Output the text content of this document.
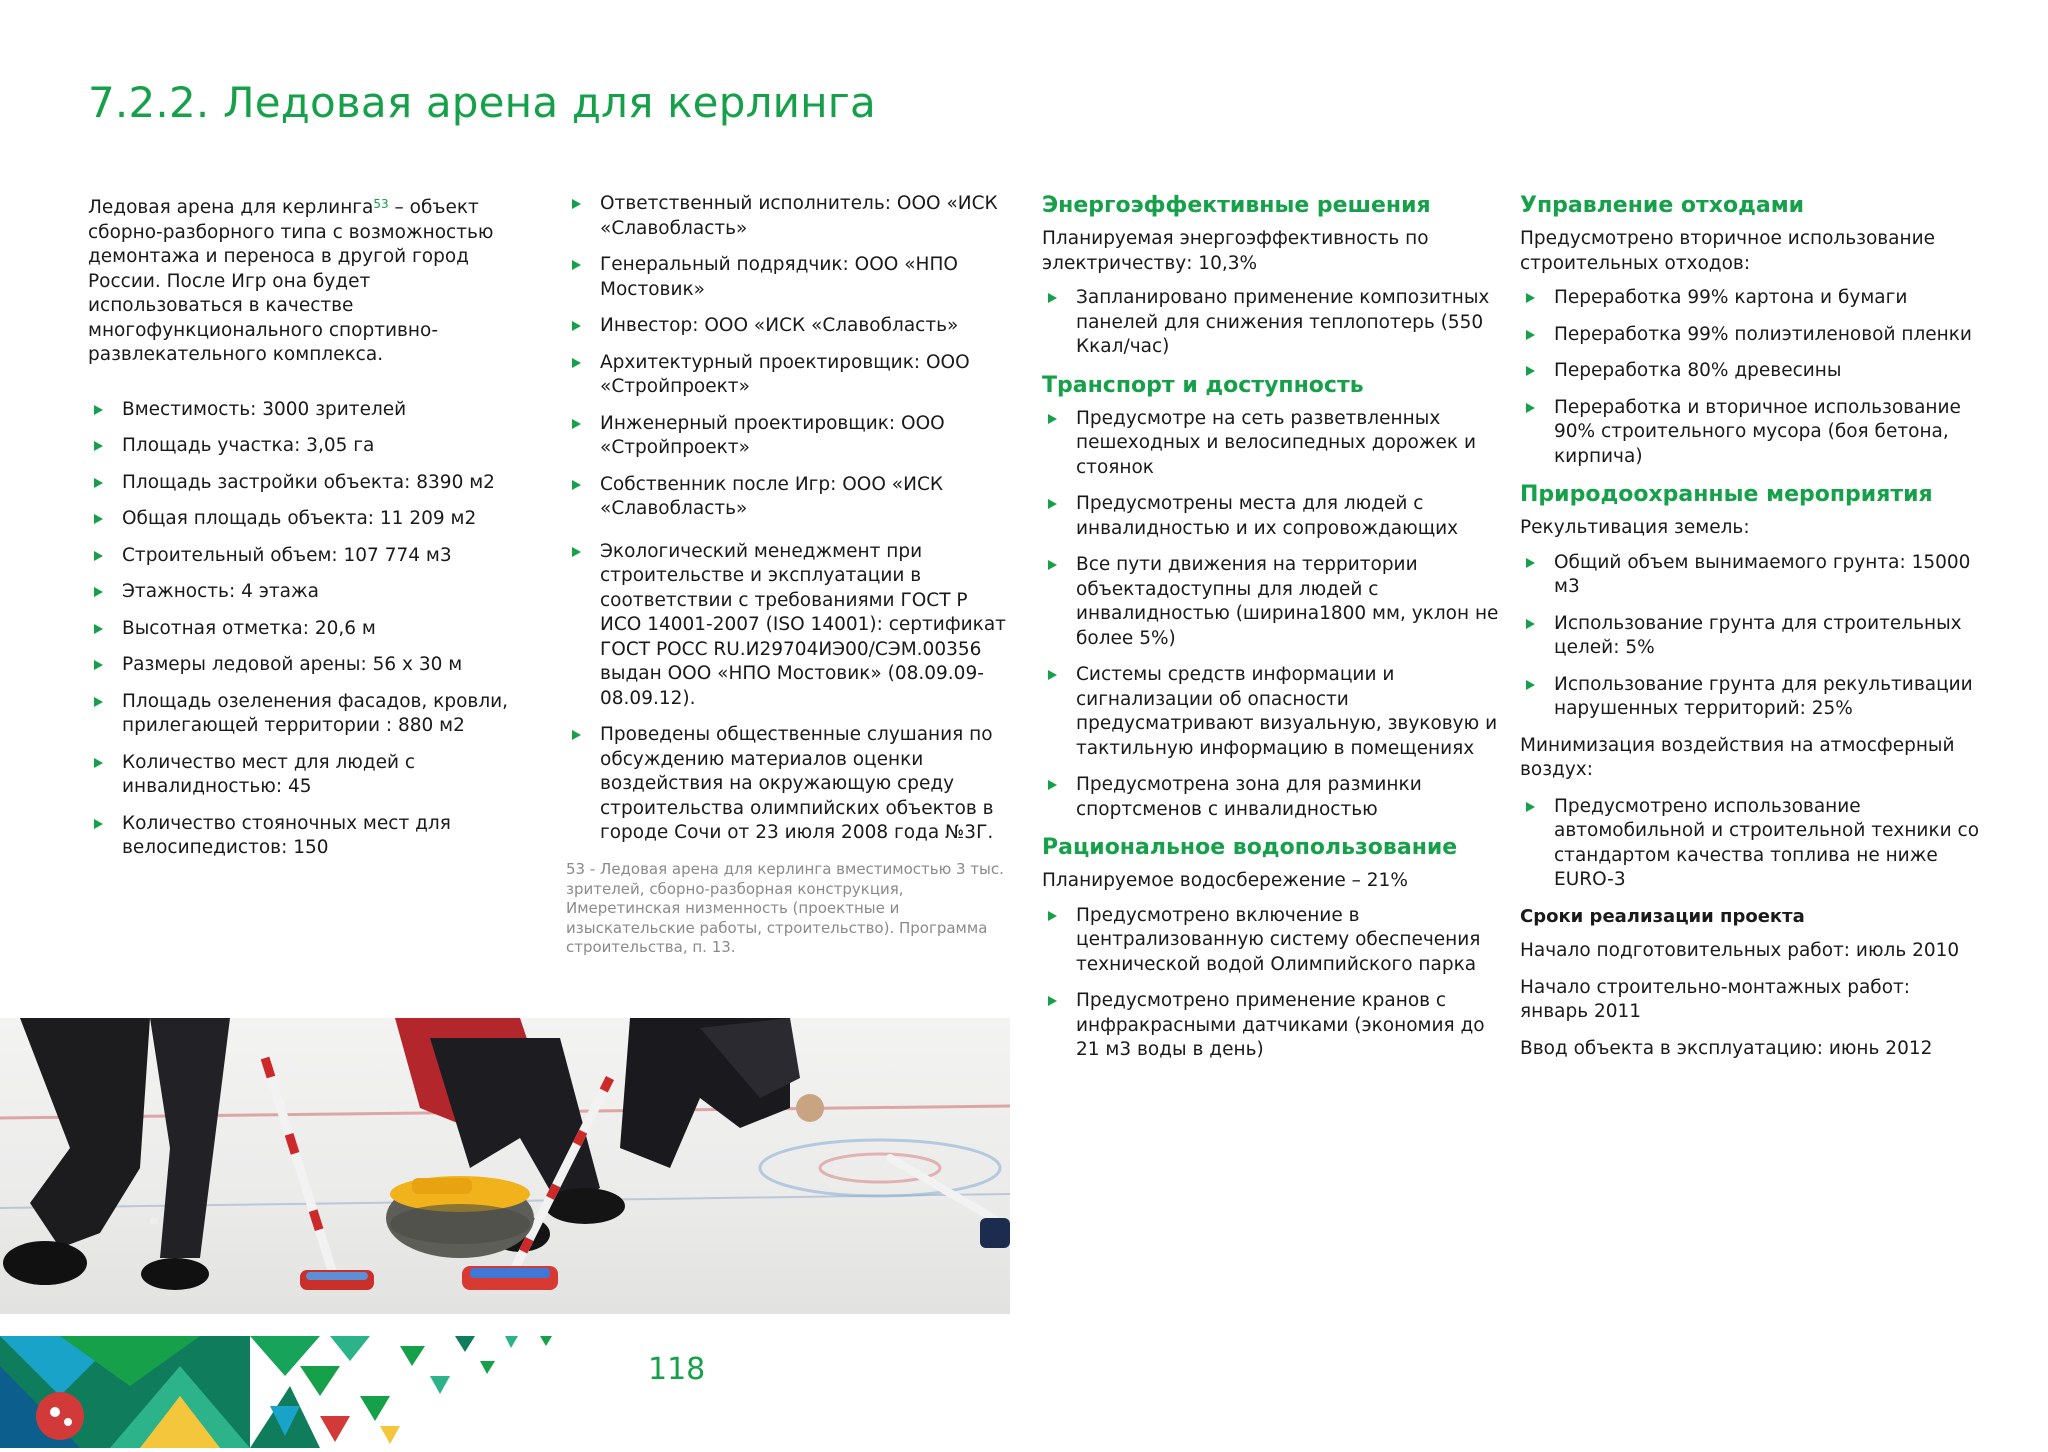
7.2.2. Ледовая арена для керлинга

Ледовая арена для керлинга$^{53}$ – объект сборно-разборного типа с возможностью демонтажа и переноса в другой город России. После Игр она будет использоваться в качестве многофункционального спортивно-развлекательного комплекса.

Вместимость: 3000 зрителей
Площадь участка: 3,05 га
Площадь застройки объекта: 8390 м2
Общая площадь объекта: 11 209 м2
Строительный объем: 107 774 м3
Этажность: 4 этажа
Высотная отметка: 20,6 м
Размеры ледовой арены: 56 х 30 м
Площадь озеленения фасадов, кровли, прилегающей территории : 880 м2
Количество мест для людей с инвалидностью: 45
Количество стояночных мест для велосипедистов: 150
Ответственный исполнитель: ООО «ИСК «Славобласть»
Генеральный подрядчик: ООО «НПО Мостовик»
Инвестор: ООО «ИСК «Славобласть»
Архитектурный проектировщик: ООО «Стройпроект»
Инженерный проектировщик: ООО «Стройпроект»
Собственник после Игр: ООО «ИСК «Славобласть»
Экологический менеджмент при строительстве и эксплуатации в соответствии с требованиями ГОСТ Р ИСО 14001-2007 (ISO 14001): сертификат ГОСТ РОСС RU.И29704ИЭ00/СЭМ.00356 выдан ООО «НПО Мостовик» (08.09.09-08.09.12).
Проведены общественные слушания по обсуждению материалов оценки воздействия на окружающую среду строительства олимпийских объектов в городе Сочи от 23 июля 2008 года №3Г.

53 - Ледовая арена для керлинга вместимостью 3 тыс. зрителей, сборно-разборная конструкция, Имеретинская низменность (проектные и изыскательские работы, строительство). Программа строительства, п. 13.

Энергоэффективные решения

Планируемая энергоэффективность по электричеству: 10,3%

Запланировано применение композитных панелей для снижения теплопотерь (550 Ккал/час)
Транспорт и доступность
Предусмотре на сеть разветвленных пешеходных и велосипедных дорожек и стоянок
Предусмотрены места для людей с инвалидностью и их сопровождающих
Все пути движения на территории объектадоступны для людей с инвалидностью (ширина1800 мм, уклон не более 5%)
Системы средств информации и сигнализации об опасности предусматривают визуальную, звуковую и тактильную информацию в помещениях
Предусмотрена зона для разминки спортсменов с инвалидностью
Рациональное водопользование

Планируемое водосбережение – 21%

Предусмотрено включение в централизованную систему обеспечения технической водой Олимпийского парка
Предусмотрено применение кранов с инфракрасными датчиками (экономия до 21 м3 воды в день)
Управление отходами

Предусмотрено вторичное использование строительных отходов:

Переработка 99% картона и бумаги
Переработка 99% полиэтиленовой пленки
Переработка 80% древесины
Переработка и вторичное использование 90% строительного мусора (боя бетона, кирпича)
Природоохранные мероприятия

Рекультивация земель:

Общий объем вынимаемого грунта: 15000 м3
Использование грунта для строительных целей: 5%
Использование грунта для рекультивации нарушенных территорий: 25%

Минимизация воздействия на атмосферный воздух:

Предусмотрено использование автомобильной и строительной техники со стандартом качества топлива не ниже EURO-3
Сроки реализации проекта

Начало подготовительных работ: июль 2010

Начало строительно-монтажных работ: январь 2011

Ввод объекта в эксплуатацию: июнь 2012

118
